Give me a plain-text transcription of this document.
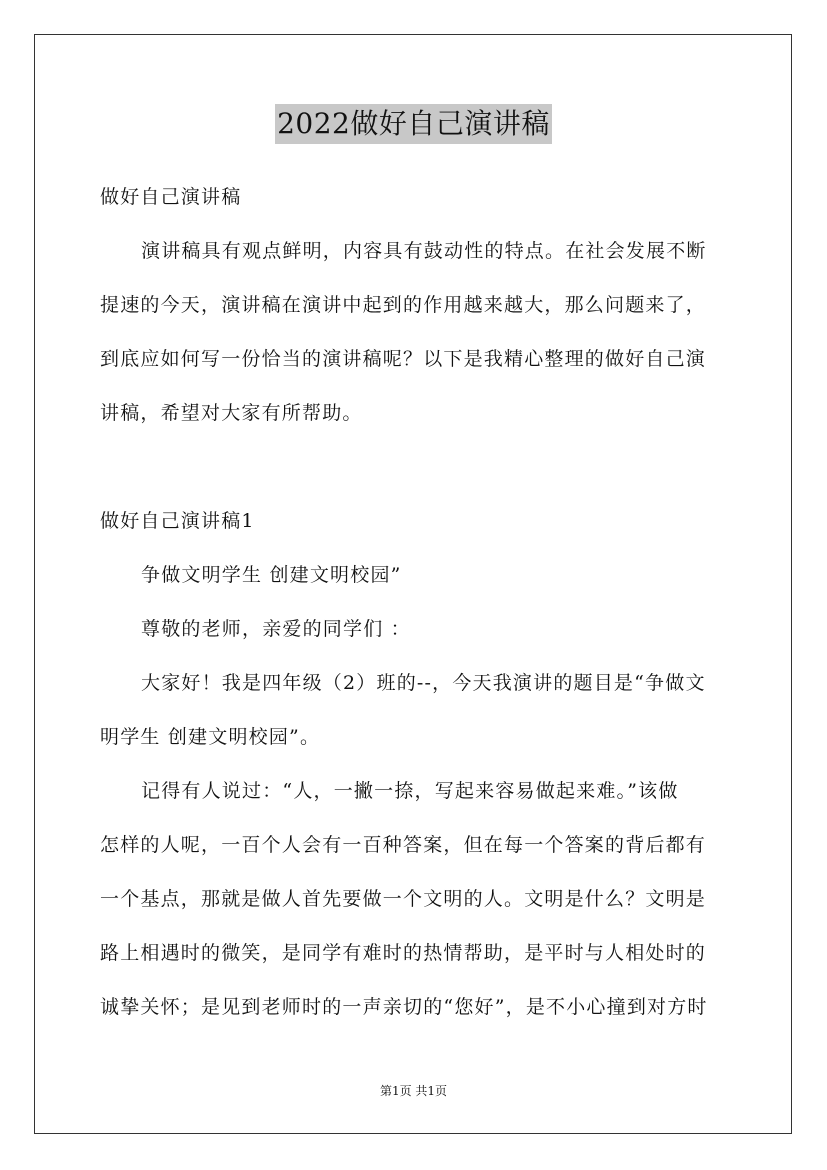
2022做好自己演讲稿
做好自己演讲稿
演讲稿具有观点鲜明，内容具有鼓动性的特点。在社会发展不断
提速的今天，演讲稿在演讲中起到的作用越来越大，那么问题来了，
到底应如何写一份恰当的演讲稿呢？以下是我精心整理的做好自己演
讲稿，希望对大家有所帮助。
做好自己演讲稿1
争做文明学生 创建文明校园”
尊敬的老师，亲爱的同学们 ：
大家好！我是四年级（2）班的--，今天我演讲的题目是“争做文
明学生 创建文明校园”。
记得有人说过：“人，一撇一捺，写起来容易做起来难。”该做
怎样的人呢，一百个人会有一百种答案，但在每一个答案的背后都有
一个基点，那就是做人首先要做一个文明的人。文明是什么？文明是
路上相遇时的微笑，是同学有难时的热情帮助，是平时与人相处时的
诚挚关怀；是见到老师时的一声亲切的“您好”，是不小心撞到对方时
第1页 共1页
